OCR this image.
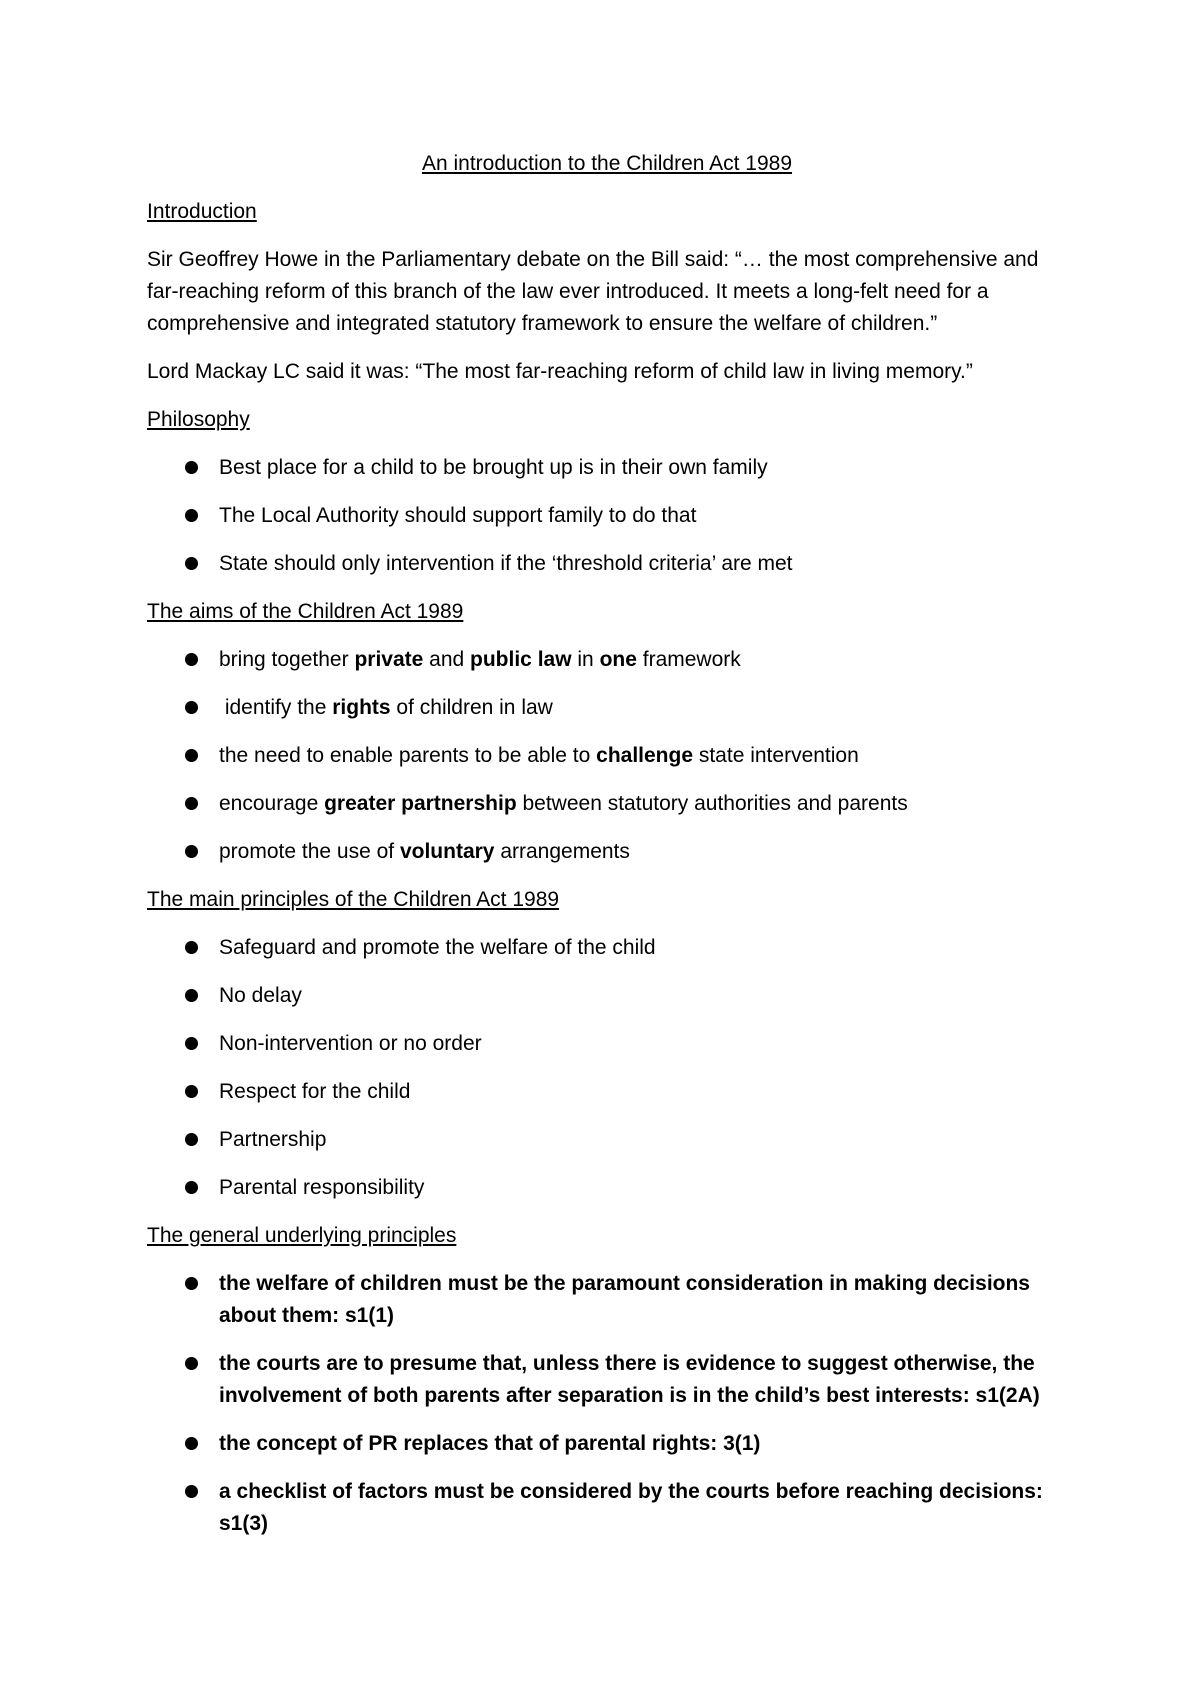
An introduction to the Children Act 1989
Introduction

Sir Geoffrey Howe in the Parliamentary debate on the Bill said: “… the most comprehensive and far-reaching reform of this branch of the law ever introduced. It meets a long-felt need for a comprehensive and integrated statutory framework to ensure the welfare of children.”

Lord Mackay LC said it was: “The most far-reaching reform of child law in living memory.”

Philosophy
Best place for a child to be brought up is in their own family
The Local Authority should support family to do that
State should only intervention if the ‘threshold criteria’ are met
The aims of the Children Act 1989
bring together private and public law in one framework
identify the rights of children in law
the need to enable parents to be able to challenge state intervention
encourage greater partnership between statutory authorities and parents
promote the use of voluntary arrangements
The main principles of the Children Act 1989
Safeguard and promote the welfare of the child
No delay
Non-intervention or no order
Respect for the child
Partnership
Parental responsibility
The general underlying principles
the welfare of children must be the paramount consideration in making decisions about them: s1(1)
the courts are to presume that, unless there is evidence to suggest otherwise, the involvement of both parents after separation is in the child’s best interests: s1(2A)
the concept of PR replaces that of parental rights: 3(1)
a checklist of factors must be considered by the courts before reaching decisions: s1(3)
